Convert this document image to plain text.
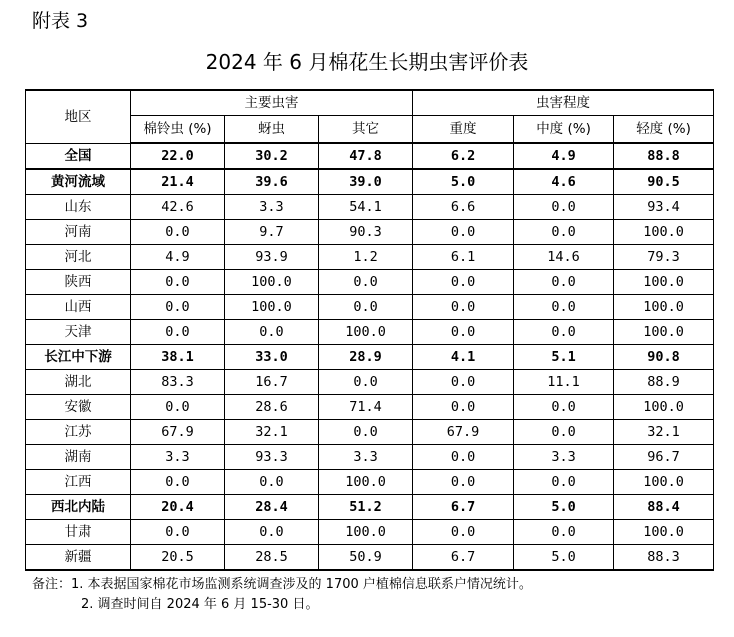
附表 3
2024 年 6 月棉花生长期虫害评价表
地区	主要虫害			虫害程度		
	棉铃虫 (%)	蚜虫	其它	重度	中度 (%)	轻度 (%)
全国	22.0	30.2	47.8	6.2	4.9	88.8
黄河流域	21.4	39.6	39.0	5.0	4.6	90.5
山东	42.6	3.3	54.1	6.6	0.0	93.4
河南	0.0	9.7	90.3	0.0	0.0	100.0
河北	4.9	93.9	1.2	6.1	14.6	79.3
陕西	0.0	100.0	0.0	0.0	0.0	100.0
山西	0.0	100.0	0.0	0.0	0.0	100.0
天津	0.0	0.0	100.0	0.0	0.0	100.0
长江中下游	38.1	33.0	28.9	4.1	5.1	90.8
湖北	83.3	16.7	0.0	0.0	11.1	88.9
安徽	0.0	28.6	71.4	0.0	0.0	100.0
江苏	67.9	32.1	0.0	67.9	0.0	32.1
湖南	3.3	93.3	3.3	0.0	3.3	96.7
江西	0.0	0.0	100.0	0.0	0.0	100.0
西北内陆	20.4	28.4	51.2	6.7	5.0	88.4
甘肃	0.0	0.0	100.0	0.0	0.0	100.0
新疆	20.5	28.5	50.9	6.7	5.0	88.3
备注：1. 本表据国家棉花市场监测系统调查涉及的 1700 户植棉信息联系户情况统计。
2. 调查时间自 2024 年 6 月 15-30 日。
